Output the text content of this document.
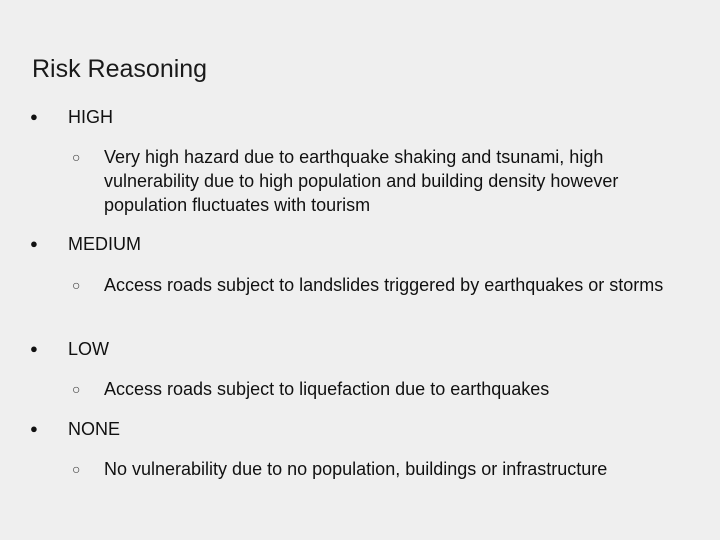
Risk Reasoning
●	HIGH
○ Very high hazard due to earthquake shaking and tsunami, high vulnerability due to high population and building density however population fluctuates with tourism
●	MEDIUM
○ Access roads subject to landslides triggered by earthquakes or storms
●	LOW
○ Access roads subject to liquefaction due to earthquakes
●	NONE
○ No vulnerability due to no population, buildings or infrastructure
